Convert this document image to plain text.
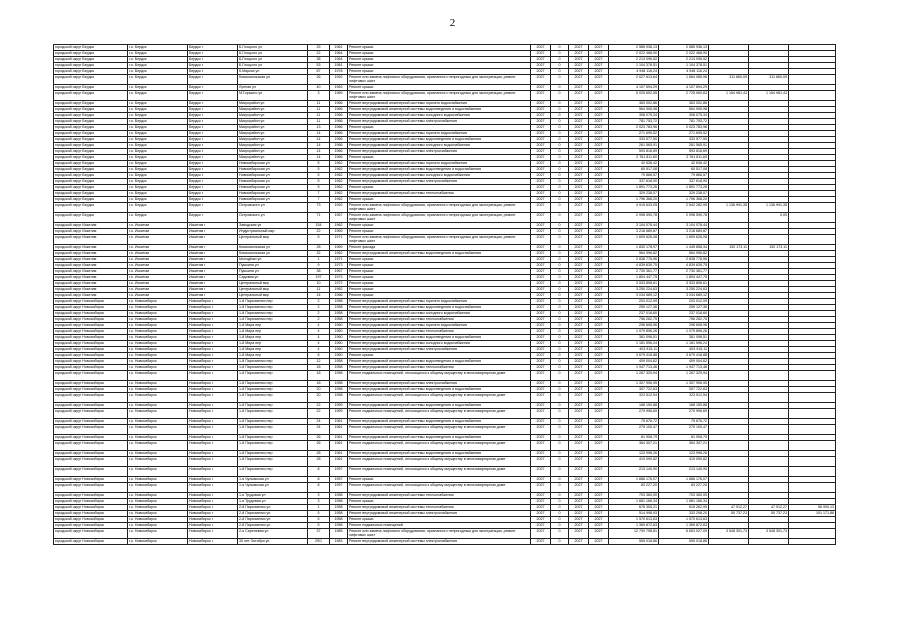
2
городской округ Бердск	г.о. Бердск	Бердск г	Б.Глоцкого ул	25	1961	Ремонт крыши	2027	0	2027	2027	2 585 936,13	2 585 936,13			
городской округ Бердск	г.о. Бердск	Бердск г	Б.Глоцкого ул	22	1964	Ремонт крыши	2027	0	2027	2027	2 022 468,90	2 022 468,90			
городской округ Бердск	г.о. Бердск	Бердск г	Б.Глоцкого ул	38	1964	Ремонт крыши	2027	0	2027	2027	2 213 096,52	2 213 096,52			
городской округ Бердск	г.о. Бердск	Бердск г	Б.Глоцкого ул	53	1981	Ремонт крыши	2027	0	2027	2027	1 104 378,51	1 104 378,51			
городской округ Бердск	г.о. Бердск	Бердск г	К.Маркса ул	67	1978	Ремонт крыши	2027	0	2027	2027	4 948 116,24	4 948 116,24			
городской округ Бердск	г.о. Бердск	Бердск г	Комсомольская ул	26	1992	Ремонт или замена лифтового оборудования, признанного непригодным для эксплуатации, ремонт лифтовых шахт	2027	0	2027	2027	2 027 613,64	1 664 085,96	311 660,09	311 660,09	
городской округ Бердск	г.о. Бердск	Бердск г	Лунная ул	40	1963	Ремонт крыши	2027	0	2027	2027	4 107 694,29	4 107 694,29			
городской округ Бердск	г.о. Бердск	Бердск г	М.Горького ул	3	1989	Ремонт или замена лифтового оборудования, признанного непригодным для эксплуатации, ремонт лифтовых шахт	2027	0	2027	2027	5 025 652,55	2 725 060,63	1 154 981,43	1 154 981,43	
городской округ Бердск	г.о. Бердск	Бердск г	Микрорайон ул	11	1966	Ремонт внутридомовой инженерной системы горячего водоснабжения	2027	0	2027	2027	363 002,86	363 002,86			
городской округ Бердск	г.о. Бердск	Бердск г	Микрорайон ул	11	1966	Ремонт внутридомовой инженерной системы водоотведения и водоснабжения	2027	0	2027	2027	564 906,98	564 906,98			
городской округ Бердск	г.о. Бердск	Бердск г	Микрорайон ул	11	1966	Ремонт внутридомовой инженерной системы холодного водоснабжения	2027	0	2027	2027	308 075,34	308 075,34			
городской округ Бердск	г.о. Бердск	Бердск г	Микрорайон ул	11	1966	Ремонт внутридомовой инженерной системы электроснабжения	2027	0	2027	2027	781 753,72	781 753,72			
городской округ Бердск	г.о. Бердск	Бердск г	Микрорайон ул	13	1966	Ремонт крыши	2027	0	2027	2027	2 023 783,96	2 023 783,96			
городской округ Бердск	г.о. Бердск	Бердск г	Микрорайон ул	14	1966	Ремонт внутридомовой инженерной системы горячего водоснабжения	2027	0	2027	2027	271 695,52	271 695,52			
городской округ Бердск	г.о. Бердск	Бердск г	Микрорайон ул	14	1966	Ремонт внутридомовой инженерной системы водоотведения и водоснабжения	2027	0	2027	2027	333 577,50	333 577,50			
городской округ Бердск	г.о. Бердск	Бердск г	Микрорайон ул	14	1966	Ремонт внутридомовой инженерной системы холодного водоснабжения	2027	0	2027	2027	261 565,91	261 565,91			
городской округ Бердск	г.о. Бердск	Бердск г	Микрорайон ул	14	1966	Ремонт внутридомовой инженерной системы электроснабжения	2027	0	2027	2027	593 816,69	593 816,69			
городской округ Бердск	г.о. Бердск	Бердск г	Микрорайон ул	14	1966	Ремонт крыши	2027	0	2027	2027	2 761 811,60	2 761 811,60			
городской округ Бердск	г.о. Бердск	Бердск г	Новосибирская ул	5	1962	Ремонт внутридомовой инженерной системы горячего водоснабжения	2027	0	2027	2027	42 636,42	42 636,42			
городской округ Бердск	г.о. Бердск	Бердск г	Новосибирская ул	5	1962	Ремонт внутридомовой инженерной системы водоотведения и водоснабжения	2027	0	2027	2027	60 517,08	60 517,08			
городской округ Бердск	г.о. Бердск	Бердск г	Новосибирская ул	5	1962	Ремонт внутридомовой инженерной системы холодного водоснабжения	2027	0	2027	2027	79 866,57	79 866,57			
городской округ Бердск	г.о. Бердск	Бердск г	Новосибирская ул	5	1962	Ремонт внутридомовой инженерной системы электроснабжения	2027	0	2027	2027	337 618,90	337 618,90			
городской округ Бердск	г.о. Бердск	Бердск г	Новосибирская ул	5	1962	Ремонт крыши	2027	0	2027	2027	1 891 773,26	1 891 773,26			
городской округ Бердск	г.о. Бердск	Бердск г	Новосибирская ул	7	1962	Ремонт внутридомовой инженерной системы теплоснабжения	2027	0	2027	2027	329 238,07	329 238,07			
городской округ Бердск	г.о. Бердск	Бердск г	Новосибирская ул	7	1962	Ремонт крыши	2027	0	2027	2027	1 796 368,20	1 796 368,20			
городской округ Бердск	г.о. Бердск	Бердск г	Островского ул	73	1992	Ремонт или замена лифтового оборудования, признанного непригодным для эксплуатации, ремонт лифтовых шахт	2027	0	2027	2027	4 915 633,05	2 542 282,99	1 136 991,35	1 136 991,35	
городской округ Бердск	г.о. Бердск	Бердск г	Островского ул	71	1967	Ремонт или замена лифтового оборудования, признанного непригодным для эксплуатации, ремонт лифтовых шахт	2027	0	2027	2027	2 998 590,78	2 998 590,78		0,00	
городской округ Искитим	г.о. Искитим	Искитим г	Заводская ул	154	1962	Ремонт крыши	2027	0	2027	2027	3 104 078,44	3 104 078,44			
городской округ Искитим	г.о. Искитим	Искитим г	Индустриальный мкр	22	1969	Ремонт крыши	2027	0	2027	2027	3 218 689,87	3 218 689,87			
городской округ Искитим	г.о. Искитим	Искитим г	Центральный мкр	5	1971	Ремонт или замена лифтового оборудования, признанного непригодным для эксплуатации, ремонт лифтовых шахт	2027	0	2027	2027	1 609 626,08	1 609 626,08			
городской округ Искитим	г.о. Искитим	Искитим г	Комсомольская ул	28	1969	Ремонт фасада	2027	0	2027	2027	1 830 178,97	1 445 858,34	192 173,11	192 173,11	
городской округ Искитим	г.о. Искитим	Искитим г	Комсомольская ул	32	1962	Ремонт внутридомовой инженерной системы водоотведения и водоснабжения	2027	0	2027	2027	564 996,82	564 996,82			
городской округ Искитим	г.о. Искитим	Искитим г	Молодёжи ул	1	1971	Ремонт крыши	2027	0	2027	2027	2 838 776,96	2 838 776,96			
городской округ Искитим	г.о. Искитим	Искитим г	Пушкина ул	9	1973	Ремонт крыши	2027	0	2027	2027	4 839 639,75	4 839 639,75			
городской округ Искитим	г.о. Искитим	Искитим г	Пушкина ул	38	1967	Ремонт крыши	2027	0	2027	2027	2 730 361,77	2 730 361,77			
городской округ Искитим	г.о. Искитим	Искитим г	Садовая ул	197	1973	Ремонт крыши	2027	0	2027	2027	1 804 447,75	1 804 447,75			
городской округ Искитим	г.о. Искитим	Искитим г	Центральный мкр	10	1972	Ремонт крыши	2027	0	2027	2027	3 533 898,61	3 533 898,61			
городской округ Искитим	г.о. Искитим	Искитим г	Центральный мкр	11	1962	Ремонт крыши	2027	0	2027	2027	3 250 224,63	3 250 224,63			
городской округ Искитим	г.о. Искитим	Искитим г	Центральный мкр	14	1966	Ремонт крыши	2027	0	2027	2027	3 034 689,12	3 034 689,12			
городской округ Новосибирск	г.о. Новосибирск	Новосибирск г	1-й Пархоменко пер	2	1958	Ремонт внутридомовой инженерной системы горячего водоснабжения	2027	0	2027	2027	203 012,09	203 012,09			
городской округ Новосибирск	г.о. Новосибирск	Новосибирск г	1-й Пархоменко пер	2	1958	Ремонт внутридомовой инженерной системы водоотведения и водоснабжения	2027	0	2027	2027	259 127,36	259 127,36			
городской округ Новосибирск	г.о. Новосибирск	Новосибирск г	1-й Пархоменко пер	2	1958	Ремонт внутридомовой инженерной системы холодного водоснабжения	2027	0	2027	2027	237 018,60	237 018,60			
городской округ Новосибирск	г.о. Новосибирск	Новосибирск г	1-й Пархоменко пер	2	1958	Ремонт внутридомовой инженерной системы теплоснабжения	2027	0	2027	2027	756 262,75	756 262,75			
городской округ Новосибирск	г.о. Новосибирск	Новосибирск г	1-й Мира пер	4	1960	Ремонт внутридомовой инженерной системы горячего водоснабжения	2027	0	2027	2027	296 608,96	296 608,96			
городской округ Новосибирск	г.о. Новосибирск	Новосибирск г	1-й Мира пер	4	1960	Ремонт внутридомовой инженерной системы теплоснабжения	2027	0	2027	2027	1 079 896,26	1 079 896,26			
городской округ Новосибирск	г.о. Новосибирск	Новосибирск г	1-й Мира пер	4	1960	Ремонт внутридомовой инженерной системы водоотведения и водоснабжения	2027	0	2027	2027	361 096,51	361 096,51			
городской округ Новосибирск	г.о. Новосибирск	Новосибирск г	1-й Мира пер	4	1960	Ремонт внутридомовой инженерной системы холодного водоснабжения	2027	0	2027	2027	1 181 596,24	1 181 596,24			
городской округ Новосибирск	г.о. Новосибирск	Новосибирск г	1-й Мира пер	4	1960	Ремонт внутридомовой инженерной системы электроснабжения	2027	0	2027	2027	403 915,11	403 915,11			
городской округ Новосибирск	г.о. Новосибирск	Новосибирск г	1-й Мира пер	6	1960	Ремонт крыши	2027	0	2027	2027	3 679 418,88	3 679 418,88			
городской округ Новосибирск	г.о. Новосибирск	Новосибирск г	1-й Пархоменко пер	12	1958	Ремонт внутридомовой инженерной системы водоотведения и водоснабжения	2027	0	2027	2027	409 004,62	409 004,62			
городской округ Новосибирск	г.о. Новосибирск	Новосибирск г	1-й Пархоменко пер	18	1958	Ремонт внутридомовой инженерной системы теплоснабжения	2027	0	2027	2027	1 947 713,46	1 947 713,46			
городской округ Новосибирск	г.о. Новосибирск	Новосибирск г	1-й Пархоменко пер	18	1958	Ремонт подвальных помещений, относящихся к общему имуществу в многоквартирном доме	2027	0	2027	2027	1 267 329,94	1 267 329,94			
городской округ Новосибирск	г.о. Новосибирск	Новосибирск г	1-й Пархоменко пер	18	1958	Ремонт внутридомовой инженерной системы электроснабжения	2027	0	2027	2027	1 307 906,95	1 307 906,95			
городской округ Новосибирск	г.о. Новосибирск	Новосибирск г	1-й Пархоменко пер	20	1958	Ремонт внутридомовой инженерной системы водоотведения и водоснабжения	2027	0	2027	2027	307 722,63	307 722,63			
городской округ Новосибирск	г.о. Новосибирск	Новосибирск г	1-й Пархоменко пер	20	1958	Ремонт подвальных помещений, относящихся к общему имуществу в многоквартирном доме	2027	0	2027	2027	323 512,54	323 512,54			
городской округ Новосибирск	г.о. Новосибирск	Новосибирск г	1-й Пархоменко пер	22	1959	Ремонт внутридомовой инженерной системы водоотведения и водоснабжения	2027	0	2027	2027	168 150,88	168 150,88			
городской округ Новосибирск	г.о. Новосибирск	Новосибирск г	1-й Пархоменко пер	22	1959	Ремонт подвальных помещений, относящихся к общему имуществу в многоквартирном доме	2027	0	2027	2027	279 996,69	279 996,69			
городской округ Новосибирск	г.о. Новосибирск	Новосибирск г	1-й Пархоменко пер	24	1961	Ремонт внутридомовой инженерной системы водоотведения и водоснабжения	2027	0	2027	2027	75 676,72	75 676,72			
городской округ Новосибирск	г.о. Новосибирск	Новосибирск г	1-й Пархоменко пер	24	1961	Ремонт подвальных помещений, относящихся к общему имуществу в многоквартирном доме	2027	0	2027	2027	279 100,47	279 100,47			
городской округ Новосибирск	г.о. Новосибирск	Новосибирск г	1-й Пархоменко пер	26	1961	Ремонт внутридомовой инженерной системы водоотведения и водоснабжения	2027	0	2027	2027	81 908,79	81 908,79			
городской округ Новосибирск	г.о. Новосибирск	Новосибирск г	1-й Пархоменко пер	26	1961	Ремонт подвальных помещений, относящихся к общему имуществу в многоквартирном доме	2027	0	2027	2027	364 307,21	364 307,21			
городской округ Новосибирск	г.о. Новосибирск	Новосибирск г	1-й Пархоменко пер	28	1961	Ремонт внутридомовой инженерной системы водоотведения и водоснабжения	2027	0	2027	2027	123 998,26	123 998,26			
городской округ Новосибирск	г.о. Новосибирск	Новосибирск г	1-й Пархоменко пер	28	1961	Ремонт подвальных помещений, относящихся к общему имуществу в многоквартирном доме	2027	0	2027	2027	419 090,82	419 090,82			
городской округ Новосибирск	г.о. Новосибирск	Новосибирск г	1-й Пархоменко пер	8	1957	Ремонт подвальных помещений, относящихся к общему имуществу в многоквартирном доме	2027	0	2027	2027	213 140,90	213 140,90			
городской округ Новосибирск	г.о. Новосибирск	Новосибирск г	1-я Чулымская ул	8	1957	Ремонт крыши	2027	0	2027	2027	1 686 176,07	1 686 176,07			
городской округ Новосибирск	г.о. Новосибирск	Новосибирск г	1-я Чулымская ул	8	1957	Ремонт подвальных помещений, относящихся к общему имуществу в многоквартирном доме	2027	0	2027	2027	83 227,20	83 227,20			
городской округ Новосибирск	г.о. Новосибирск	Новосибирск г	1-я Трудовая ул	3	1958	Ремонт внутридомовой инженерной системы теплоснабжения	2027	0	2027	2027	703 360,00	703 360,00			
городской округ Новосибирск	г.о. Новосибирск	Новосибирск г	1-я Трудовая ул	3	1958	Ремонт крыши	2027	0	2027	2027	1 681 166,34	1 681 166,34			
городской округ Новосибирск	г.о. Новосибирск	Новосибирск г	2-й Пархоменко ул	1	1958	Ремонт внутридомовой инженерной системы теплоснабжения	2027	0	2027	2027	676 305,21	615 262,99	47 912,27	47 912,27	56 900,13
городской округ Новосибирск	г.о. Новосибирск	Новосибирск г	2-й Пархоменко ул	5	1958	Ремонт внутридомовой инженерной системы электроснабжения	2027	0	2027	2027	514 998,93	333 298,20	50 737,23	50 737,23	101 171,86
городской округ Новосибирск	г.о. Новосибирск	Новосибирск г	2-й Пархоменко ул	5	1958	Ремонт крыши	2027	0	2027	2027	1 570 613,63	1 570 613,63			
городской округ Новосибирск	г.о. Новосибирск	Новосибирск г	2-й Пархоменко ул	5	1958	Ремонт подвальных помещений	2027	0	2027	2027	1 369 872,63	1 369 872,63			
городской округ Новосибирск	г.о. Новосибирск	Новосибирск г	2-я Сиреневая ул	37	1985	Ремонт или замена лифтового оборудования, признанного непригодным для эксплуатации, ремонт лифтовых шахт	2027	0	2027	2027	12 790 798,81	6 653 027,09	3 548 301,73	3 548 301,73	
городской округ Новосибирск	г.о. Новосибирск	Новосибирск г	30 лет Октября ул	29/1	1983	Ремонт внутридомовой инженерной системы электроснабжения	2027	0	2027	2027	555 018,86	555 018,86			
